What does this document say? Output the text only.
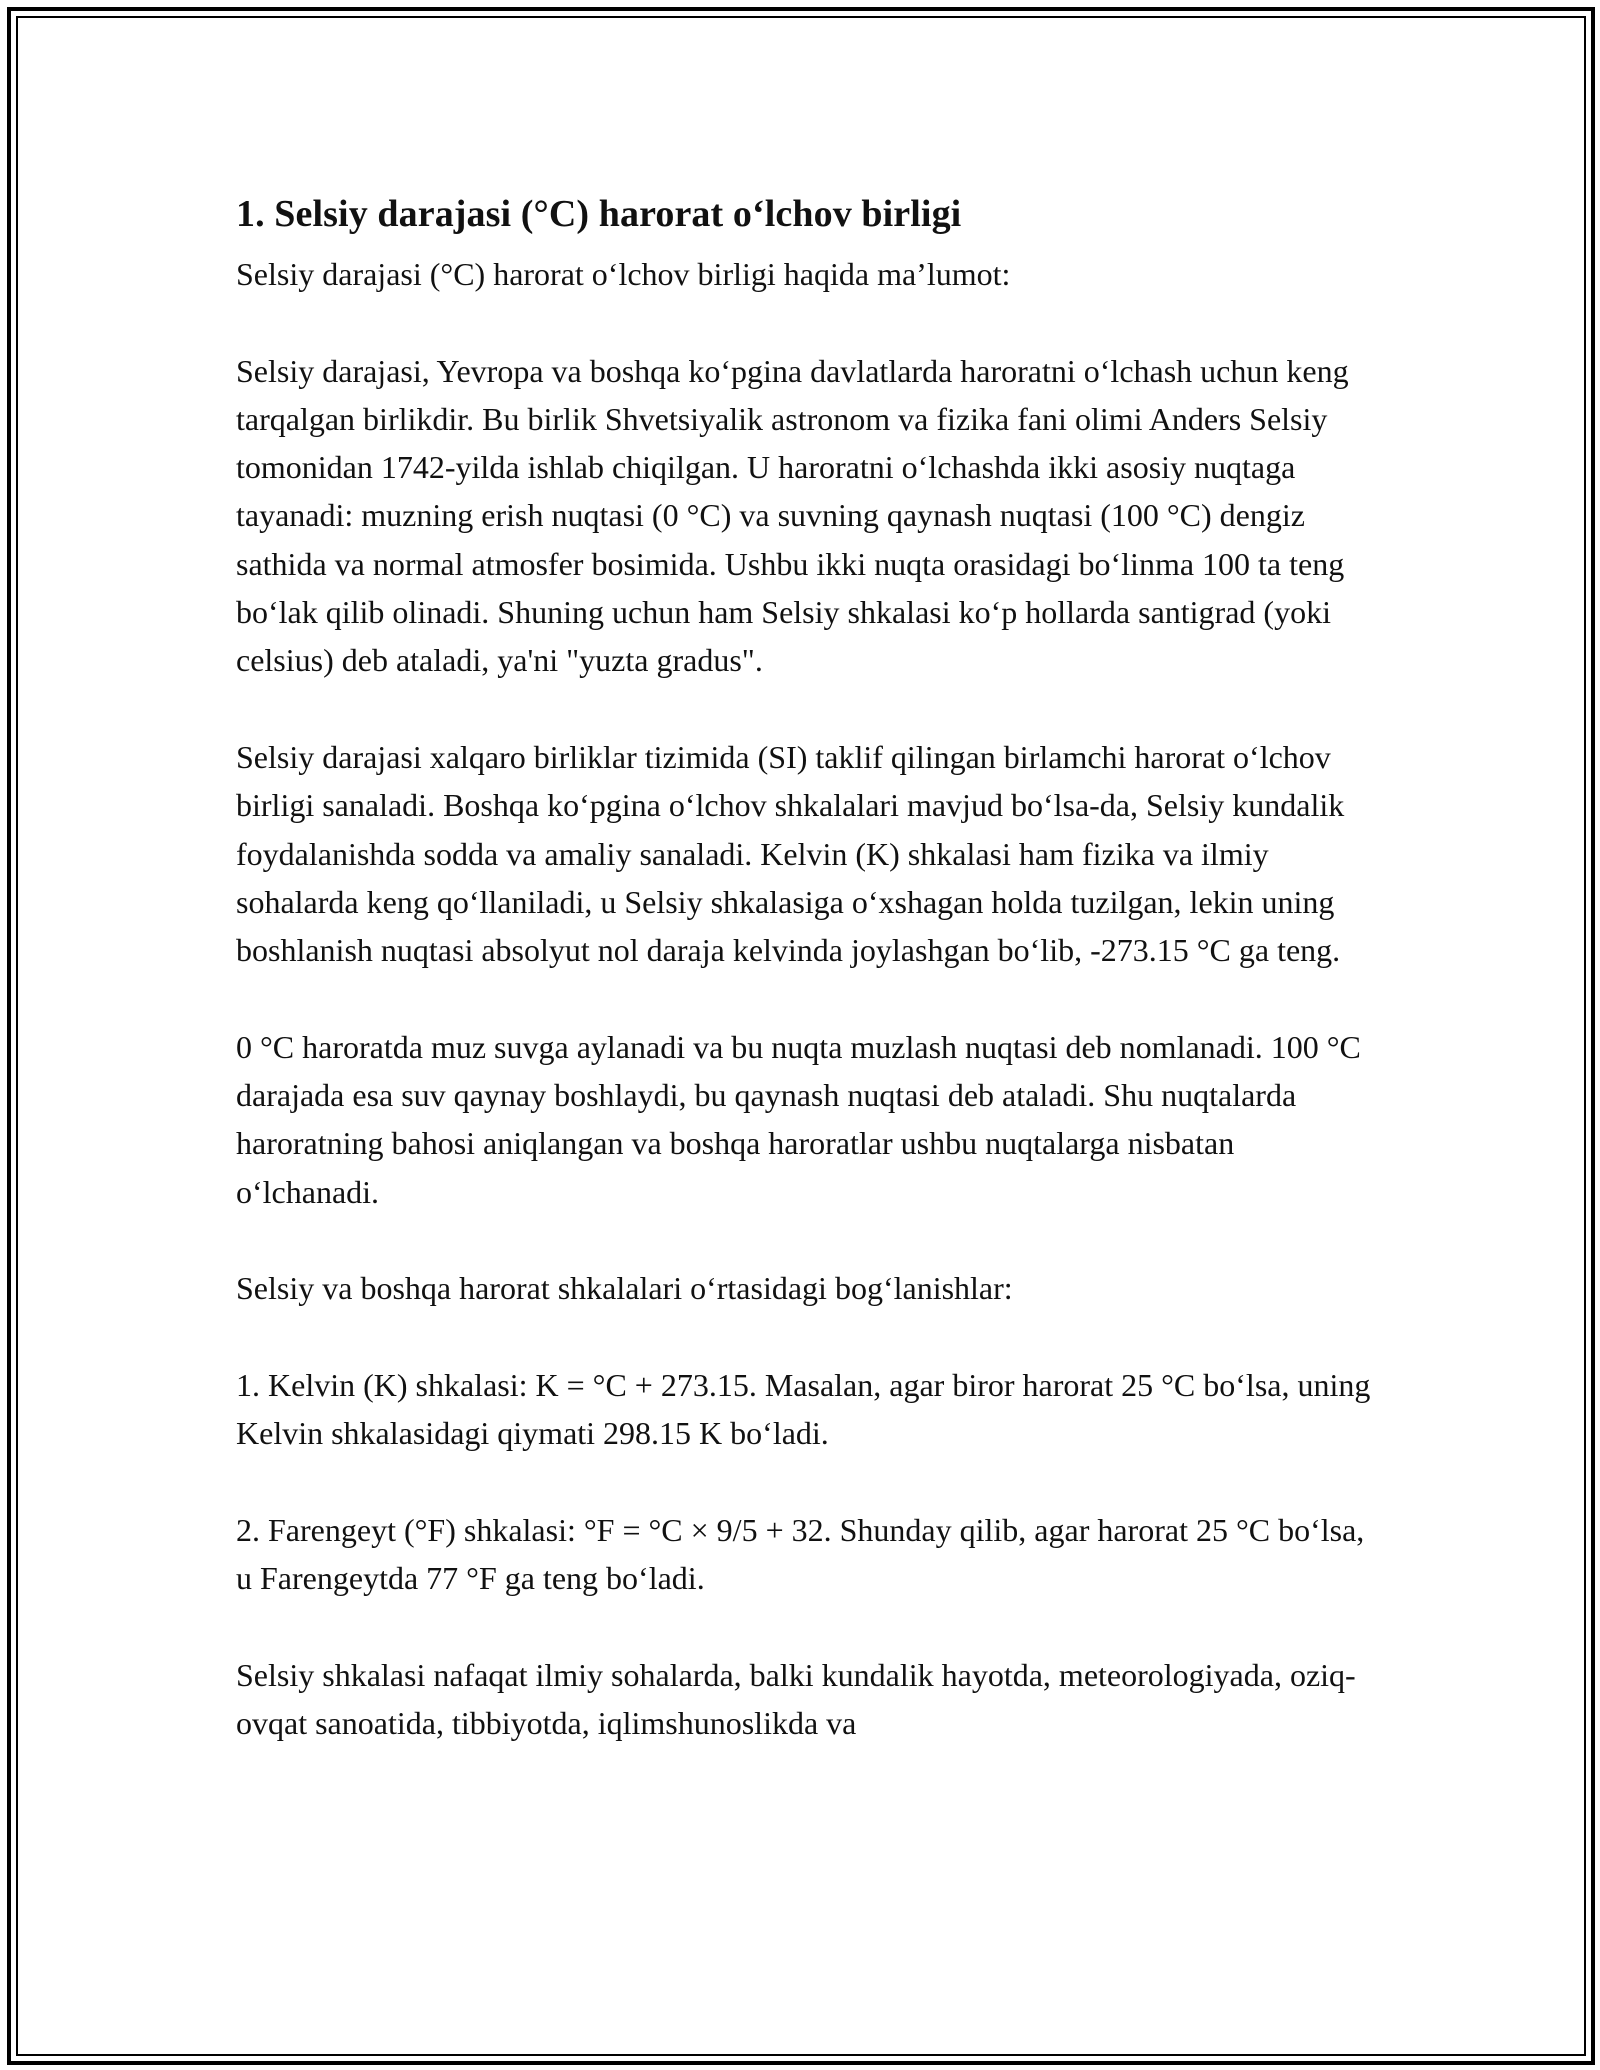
1. Selsiy darajasi (°C) harorat o‘lchov birligi

Selsiy darajasi (°C) harorat o‘lchov birligi haqida ma’lumot:

Selsiy darajasi, Yevropa va boshqa ko‘pgina davlatlarda haroratni o‘lchash uchun keng tarqalgan birlikdir. Bu birlik Shvetsiyalik astronom va fizika fani olimi Anders Selsiy tomonidan 1742-yilda ishlab chiqilgan. U haroratni o‘lchashda ikki asosiy nuqtaga tayanadi: muzning erish nuqtasi (0 °C) va suvning qaynash nuqtasi (100 °C) dengiz sathida va normal atmosfer bosimida. Ushbu ikki nuqta orasidagi bo‘linma 100 ta teng bo‘lak qilib olinadi. Shuning uchun ham Selsiy shkalasi ko‘p hollarda santigrad (yoki celsius) deb ataladi, ya'ni "yuzta gradus".

Selsiy darajasi xalqaro birliklar tizimida (SI) taklif qilingan birlamchi harorat o‘lchov birligi sanaladi. Boshqa ko‘pgina o‘lchov shkalalari mavjud bo‘lsa-da, Selsiy kundalik foydalanishda sodda va amaliy sanaladi. Kelvin (K) shkalasi ham fizika va ilmiy sohalarda keng qo‘llaniladi, u Selsiy shkalasiga o‘xshagan holda tuzilgan, lekin uning boshlanish nuqtasi absolyut nol daraja kelvinda joylashgan bo‘lib, -273.15 °C ga teng.

0 °C haroratda muz suvga aylanadi va bu nuqta muzlash nuqtasi deb nomlanadi. 100 °C darajada esa suv qaynay boshlaydi, bu qaynash nuqtasi deb ataladi. Shu nuqtalarda haroratning bahosi aniqlangan va boshqa haroratlar ushbu nuqtalarga nisbatan o‘lchanadi.

Selsiy va boshqa harorat shkalalari o‘rtasidagi bog‘lanishlar:

1. Kelvin (K) shkalasi: K = °C + 273.15. Masalan, agar biror harorat 25 °C bo‘lsa, uning Kelvin shkalasidagi qiymati 298.15 K bo‘ladi.

2. Farengeyt (°F) shkalasi: °F = °C × 9/5 + 32. Shunday qilib, agar harorat 25 °C bo‘lsa, u Farengeytda 77 °F ga teng bo‘ladi.

Selsiy shkalasi nafaqat ilmiy sohalarda, balki kundalik hayotda, meteorologiyada, oziq-ovqat sanoatida, tibbiyotda, iqlimshunoslikda va
